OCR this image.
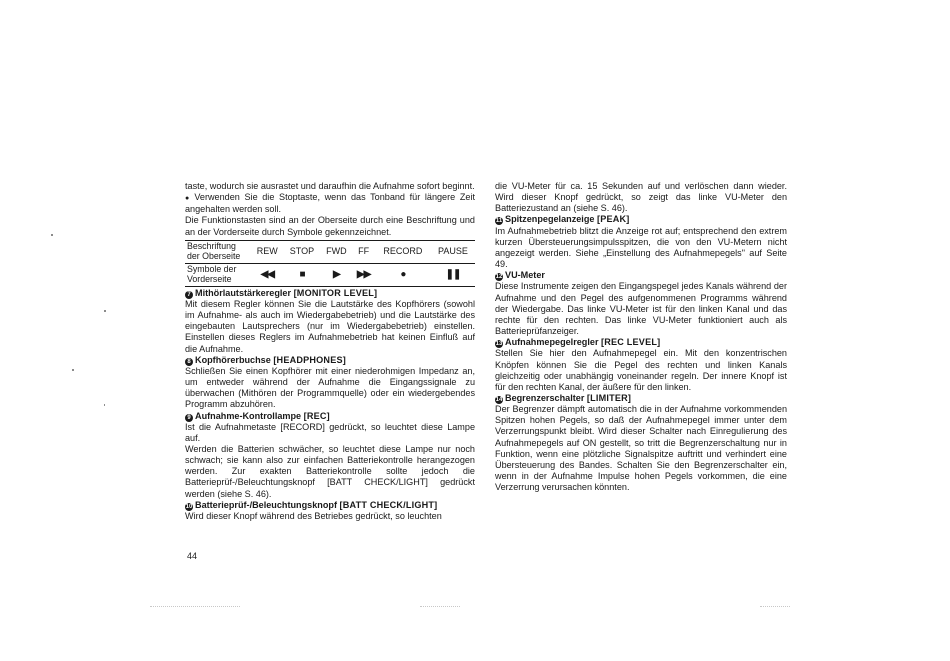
taste, wodurch sie ausrastet und daraufhin die Aufnahme sofort beginnt.

● Verwenden Sie die Stoptaste, wenn das Tonband für längere Zeit angehalten werden soll.

Die Funktionstasten sind an der Oberseite durch eine Beschriftung und an der Vorderseite durch Symbole gekennzeichnet.

Beschriftung
der Oberseite	REW	STOP	FWD	FF	RECORD	PAUSE
Symbole der
Vorderseite	◀◀	■	▶	▶▶	●	❚❚
7 Mithörlautstärkeregler [MONITOR LEVEL]

Mit diesem Regler können Sie die Lautstärke des Kopfhörers (sowohl im Aufnahme- als auch im Wiedergabebetrieb) und die Lautstärke des eingebauten Lautsprechers (nur im Wiedergabebetrieb) einstellen. Einstellen dieses Reglers im Aufnahmebetrieb hat keinen Einfluß auf die Aufnahme.

8 Kopfhörerbuchse [HEADPHONES]

Schließen Sie einen Kopfhörer mit einer niederohmigen Impedanz an, um entweder während der Aufnahme die Eingangssignale zu überwachen (Mithören der Programmquelle) oder ein wiedergebendes Programm abzuhören.

9 Aufnahme-Kontrollampe [REC]

Ist die Aufnahmetaste [RECORD] gedrückt, so leuchtet diese Lampe auf.

Werden die Batterien schwächer, so leuchtet diese Lampe nur noch schwach; sie kann also zur einfachen Batteriekontrolle herangezogen werden. Zur exakten Batteriekontrolle sollte jedoch die Batterieprüf-/Beleuchtungsknopf [BATT CHECK/LIGHT] gedrückt werden (siehe S. 46).

10 Batterieprüf-/Beleuchtungsknopf [BATT CHECK/LIGHT]

Wird dieser Knopf während des Betriebes gedrückt, so leuchten

die VU-Meter für ca. 15 Sekunden auf und verlöschen dann wieder. Wird dieser Knopf gedrückt, so zeigt das linke VU-Meter den Batteriezustand an (siehe S. 46).

11 Spitzenpegelanzeige [PEAK]

Im Aufnahmebetrieb blitzt die Anzeige rot auf; entsprechend den extrem kurzen Übersteuerungsimpulsspitzen, die von den VU-Metern nicht angezeigt werden. Siehe „Einstellung des Aufnahmepegels" auf Seite 49.

12 VU-Meter

Diese Instrumente zeigen den Eingangspegel jedes Kanals während der Aufnahme und den Pegel des aufgenommenen Programms während der Wiedergabe. Das linke VU-Meter ist für den linken Kanal und das rechte für den rechten. Das linke VU-Meter funktioniert auch als Batterieprüfanzeiger.

13 Aufnahmepegelregler [REC LEVEL]

Stellen Sie hier den Aufnahmepegel ein. Mit den konzentrischen Knöpfen können Sie die Pegel des rechten und linken Kanals gleichzeitig oder unabhängig voneinander regeln. Der innere Knopf ist für den rechten Kanal, der äußere für den linken.

14 Begrenzerschalter [LIMITER]

Der Begrenzer dämpft automatisch die in der Aufnahme vorkommenden Spitzen hohen Pegels, so daß der Aufnahmepegel immer unter dem Verzerrungspunkt bleibt. Wird dieser Schalter nach Einregulierung des Aufnahmepegels auf ON gestellt, so tritt die Begrenzerschaltung nur in Funktion, wenn eine plötzliche Signalspitze auftritt und verhindert eine Übersteuerung des Bandes. Schalten Sie den Begrenzerschalter ein, wenn in der Aufnahme Impulse hohen Pegels vorkommen, die eine Verzerrung verursachen könnten.

44
